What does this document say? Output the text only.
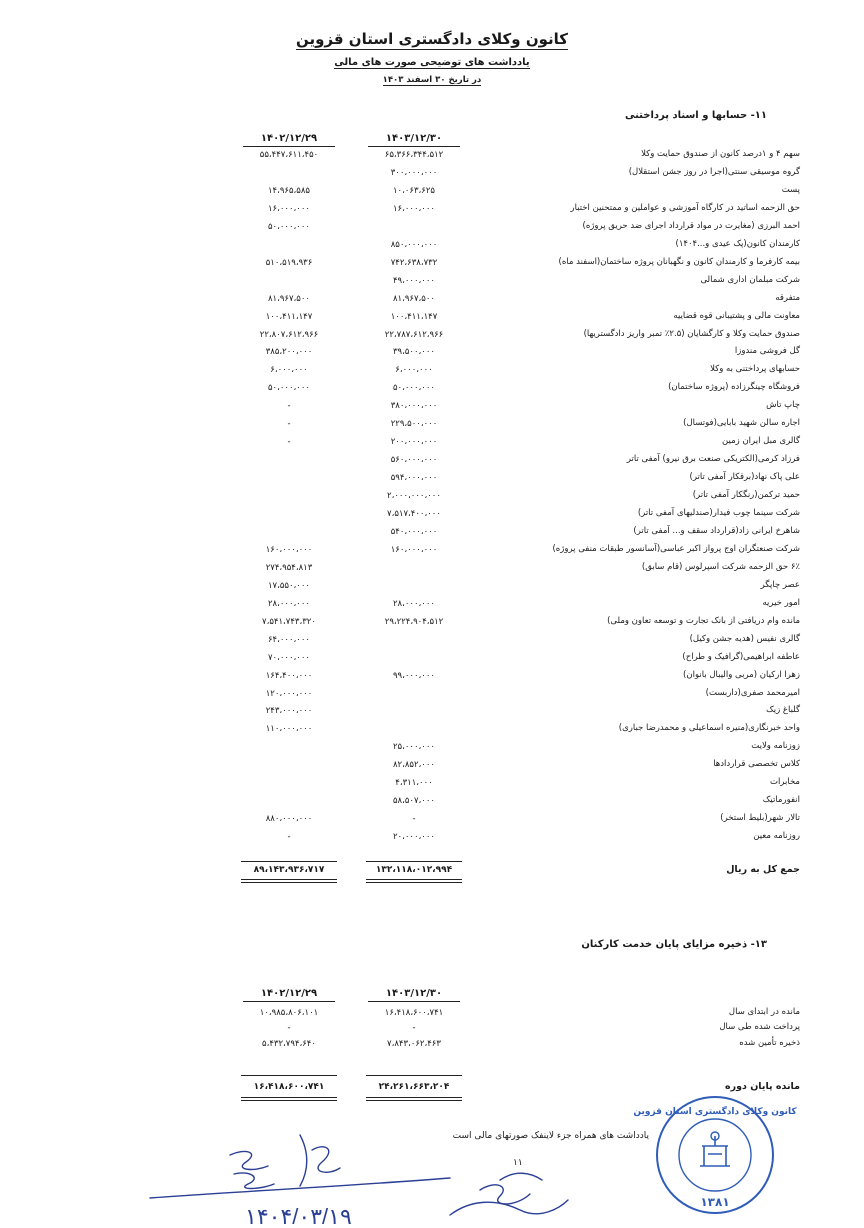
کانون وکلای دادگستری استان قزوین
یادداشت های توضیحی صورت های مالی
در تاریخ ۳۰ اسفند ۱۴۰۳
۱۱- حسابها و اسناد پرداختنی
۱۴۰۳/۱۲/۳۰
۱۴۰۲/۱۲/۲۹
سهم ۴ و ۱درصد کانون از صندوق حمایت وکلا
۶۵،۳۶۶،۳۴۴،۵۱۲
۵۵،۴۴۷،۶۱۱،۴۵۰
گروه موسیقی سنتی(اجرا در روز جشن استقلال)
۳۰۰،۰۰۰،۰۰۰
پست
۱۰،۰۶۳،۶۲۵
۱۴،۹۶۵،۵۸۵
حق الزحمه اساتید در کارگاه آموزشی و عواملین و ممتحنین اختبار
۱۶،۰۰۰،۰۰۰
۱۶،۰۰۰،۰۰۰
احمد البرزی (مغایرت در مواد قرارداد اجرای ضد حریق پروژه)
۵۰،۰۰۰،۰۰۰
کارمندان کانون(پک عیدی و...۱۴۰۴)
۸۵۰،۰۰۰،۰۰۰
بیمه کارفرما و کارمندان کانون و نگهبانان پروژه ساختمان(اسفند ماه)
۷۴۲،۶۳۸،۷۳۲
۵۱۰،۵۱۹،۹۳۶
شرکت مبلمان اداری شمالی
۴۹،۰۰۰،۰۰۰
متفرقه
۸۱،۹۶۷،۵۰۰
۸۱،۹۶۷،۵۰۰
معاونت مالی و پشتیبانی قوه قضاییه
۱۰۰،۴۱۱،۱۴۷
۱۰۰،۴۱۱،۱۴۷
صندوق حمایت وکلا و کارگشایان (۲.۵٪ تمبر واریز دادگستریها)
۲۲،۷۸۷،۶۱۲،۹۶۶
۲۲،۸۰۷،۶۱۲،۹۶۶
گل فروشی مندوزا
۳۹،۵۰۰،۰۰۰
۳۸۵،۲۰۰،۰۰۰
حسابهای پرداختنی به وکلا
۶،۰۰۰،۰۰۰
۶،۰۰۰،۰۰۰
فروشگاه چینگرزاده (پروژه ساختمان)
۵۰،۰۰۰،۰۰۰
۵۰،۰۰۰،۰۰۰
چاپ تاش
۳۸۰،۰۰۰،۰۰۰
-
اجاره سالن شهید بابایی(فوتسال)
۲۲۹،۵۰۰،۰۰۰
-
گالری مبل ایران زمین
۲۰۰،۰۰۰،۰۰۰
-
فرزاد کرمی(الکتریکی صنعت برق نیرو) آمفی تاتر
۵۶۰،۰۰۰،۰۰۰
علی پاک نهاد(برقکار آمفی تاتر)
۵۹۴،۰۰۰،۰۰۰
حمید ترکمن(رنگکار آمفی تاتر)
۲،۰۰۰،۰۰۰،۰۰۰
شرکت سینما چوب فیدار(صندلیهای آمفی تاتر)
۷،۵۱۷،۴۰۰،۰۰۰
شاهرخ ایرانی زاد(قرارداد سقف و... آمفی تاتر)
۵۴۰،۰۰۰،۰۰۰
شرکت صنعتگران اوج پرواز اکبر عباسی(آسانسور طبقات منفی پروژه)
۱۶۰،۰۰۰،۰۰۰
۱۶۰،۰۰۰،۰۰۰
۶٪ حق الزحمه شرکت اسپرلوس (قام سابق)
۲۷۴،۹۵۴،۸۱۳
عصر چاپگر
۱۷،۵۵۰،۰۰۰
امور خیریه
۲۸،۰۰۰،۰۰۰
۲۸،۰۰۰،۰۰۰
مانده وام دریافتی از بانک تجارت و توسعه تعاون وملی)
۲۹،۲۲۴،۹۰۴،۵۱۲
۷،۵۴۱،۷۴۳،۳۲۰
گالری نفیس (هدیه جشن وکیل)
۶۴،۰۰۰،۰۰۰
عاطفه ابراهیمی(گرافیک و طراح)
۷۰،۰۰۰،۰۰۰
زهرا ارکیان (مربی والیبال بانوان)
۹۹،۰۰۰،۰۰۰
۱۶۴،۴۰۰،۰۰۰
امیرمحمد صفری(داربست)
۱۲۰،۰۰۰،۰۰۰
گلباغ زیک
۲۴۳،۰۰۰،۰۰۰
واحد خبرنگاری(منیره اسماعیلی و محمدرضا جباری)
۱۱۰،۰۰۰،۰۰۰
زوزنامه ولایت
۲۵،۰۰۰،۰۰۰
کلاس تخصصی قراردادها
۸۲،۸۵۲،۰۰۰
مخابرات
۴،۳۱۱،۰۰۰
انفورماتیک
۵۸،۵۰۷،۰۰۰
تالار شهر(بلیط استخر)
-
۸۸۰،۰۰۰،۰۰۰
روزنامه معین
۲۰،۰۰۰،۰۰۰
-
جمع کل به ریال
۱۳۲،۱۱۸،۰۱۲،۹۹۴
۸۹،۱۴۳،۹۳۶،۷۱۷
۱۳- ذخیره مزایای پایان خدمت کارکنان
۱۴۰۳/۱۲/۳۰
۱۴۰۲/۱۲/۲۹
مانده در ابتدای سال
۱۶،۴۱۸،۶۰۰،۷۴۱
۱۰،۹۸۵،۸۰۶،۱۰۱
پرداخت شده طی سال
-
-
ذخیره تأمین شده
۷،۸۴۳،۰۶۲،۴۶۳
۵،۴۳۲،۷۹۴،۶۴۰
مانده پایان دوره
۲۴،۲۶۱،۶۶۳،۲۰۴
۱۶،۴۱۸،۶۰۰،۷۴۱
یادداشت های همراه جزء لاینفک صورتهای مالی است
۱۱
۱۴۰۴/۰۳/۱۹
کانون وکلای دادگستری استان قزوین
۱۳۸۱
